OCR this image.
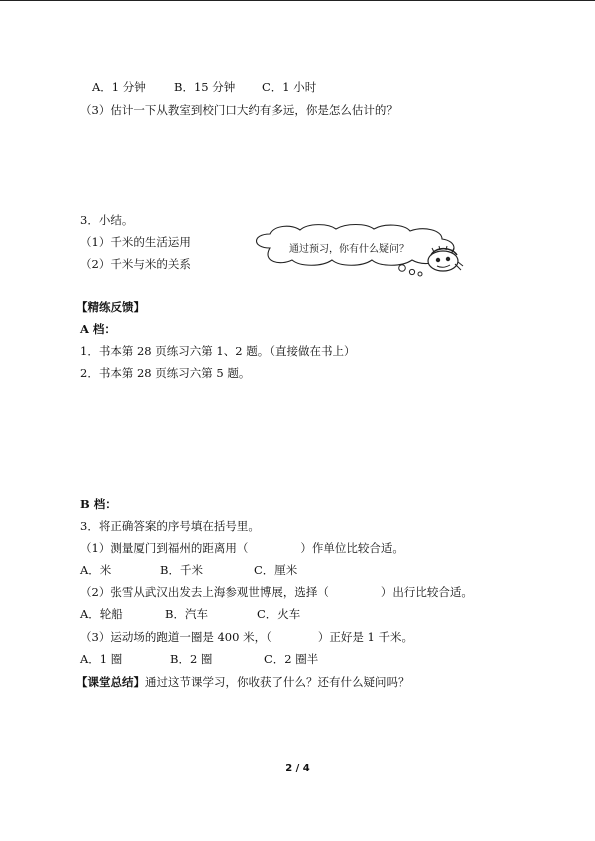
A．1 分钟 B．15 分钟 C．1 小时
（3）估计一下从教室到校门口大约有多远，你是怎么估计的？
3．小结。
（1）千米的生活运用
（2）千米与米的关系
通过预习，你有什么疑问？
【精练反馈】
A 档：
1．书本第 28 页练习六第 1、2 题。（直接做在书上）
2．书本第 28 页练习六第 5 题。
B 档：
3．将正确答案的序号填在括号里。
（1）测量厦门到福州的距离用（	）作单位比较合适。
A．米	B．千米	C．厘米
（2）张雪从武汉出发去上海参观世博展，选择（	）出行比较合适。
A．轮船	B．汽车	C．火车
（3）运动场的跑道一圈是 400 米，（	）正好是 1 千米。
A．1 圈	B．2 圈	C．2 圈半
【课堂总结】通过这节课学习，你收获了什么？还有什么疑问吗？
2 / 4
